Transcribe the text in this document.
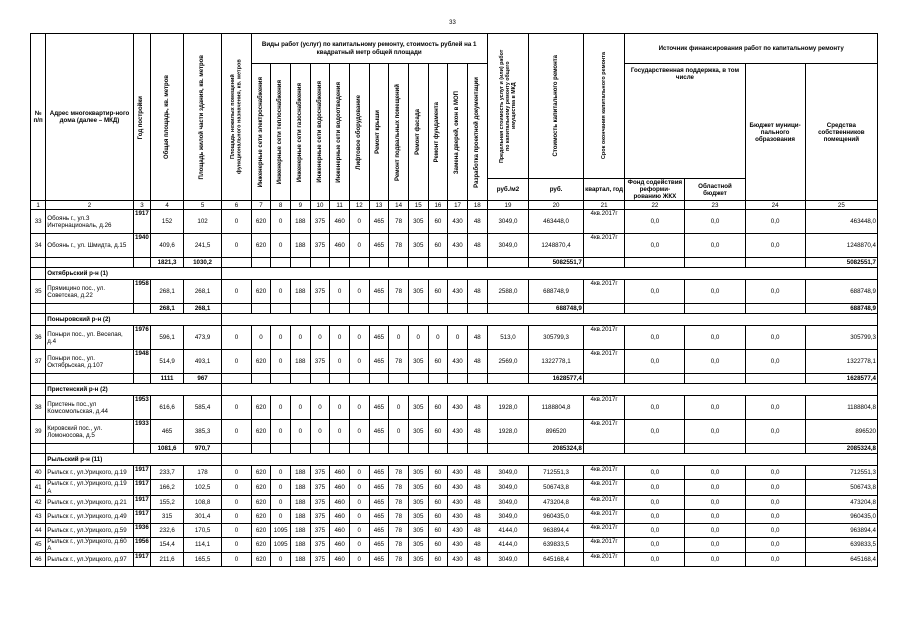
33
№ п/п	Адрес многоквартир-ного дома (далее – МКД)	Год постройки	Общая площадь, кв. метров	Площадь жилой части здания, кв. метров	Площадь нежилых помещений функционального назначения, кв. метров	Виды работ (услуг) по капитальному ремонту, стоимость рублей на 1 квадратный метр общей площади												Предельная стоимость услуг и (или) работ по капитальному ремонту общего имущества в МКД	Стоимость капитального ремонта	Срок окончания капитального ремонта	Источник финансирования работ по капитальному ремонту			

						Инженерные сети электроснабжения	Инженерные сети теплоснабжения	Инженерные сети газоснабжения	Инженерные сети водоснабжения	Инженерные сети водоотведения	Лифтовое оборудование	Ремонт крыши	Ремонт подвальных помещений	Ремонт фасада	Ремонт фундамента	Замена дверей, окон в МОП	Разработка проектной документации				Государственная поддержка, в том числе		Бюджет муници-пального образования	Средства собственников помещений
																		руб./м2	руб.	квартал, год	Фонд содействия реформи-рованию ЖКХ	Областной бюджет		
1	2	3	4	5	6	7	8	9	10	11	12	13	14	15	16	17	18	19	20	21	22	23	24	25
33	Обоянь г., ул.З Интернациональ, д.26	1917	152	102	0	620	0	188	375	460	0	465	78	305	60	430	48	3049,0	463448,0	4кв.2017г	0,0	0,0	0,0	463448,0
34	Обоянь г., ул. Шмидта, д.15	1940	409,6	241,5	0	620	0	188	375	460	0	465	78	305	60	430	48	3049,0	1248870,4	4кв.2017г	0,0	0,0	0,0	1248870,4
			1821,3	1030,2															5082551,7					5082551,7
	Октябрьский р-н (1)																							
35	Прямицино пос., ул. Советская, д.22	1958	268,1	268,1	0	620	0	188	375	0	0	465	78	305	60	430	48	2588,0	688748,9	4кв.2017г	0,0	0,0	0,0	688748,9
			268,1	268,1															688748,9					688748,9
	Поныровский р-н (2)																							
36	Поныри пос., ул. Веселая, д.4	1976	596,1	473,9	0	0	0	0	0	0	0	465	0	0	0	0	48	513,0	305799,3	4кв.2017г	0,0	0,0	0,0	305799,3
37	Поныри пос., ул. Октябрьская, д.107	1948	514,9	493,1	0	620	0	188	375	0	0	465	78	305	60	430	48	2569,0	1322778,1	4кв.2017г	0,0	0,0	0,0	1322778,1
			1111	967															1628577,4					1628577,4
	Пристенский р-н (2)																							
38	Пристень пос.,ул Комсомольская, д.44	1953	616,6	585,4	0	620	0	0	0	0	0	465	0	305	60	430	48	1928,0	1188804,8	4кв.2017г	0,0	0,0	0,0	1188804,8
39	Кировский пос., ул. Ломоносова, д.5	1933	465	385,3	0	620	0	0	0	0	0	465	0	305	60	430	48	1928,0	896520	4кв.2017г	0,0	0,0	0,0	896520
			1081,6	970,7															2085324,8					2085324,8
	Рыльский р-н (11)																							
40	Рыльск г., ул.Урицкого, д.19	1917	233,7	178	0	620	0	188	375	460	0	465	78	305	60	430	48	3049,0	712551,3	4кв.2017г	0,0	0,0	0,0	712551,3
41	Рыльск г., ул.Урицкого, д.19 А	1917	166,2	102,5	0	620	0	188	375	460	0	465	78	305	60	430	48	3049,0	506743,8	4кв.2017г	0,0	0,0	0,0	506743,8
42	Рыльск г., ул.Урицкого, д.21	1917	155,2	108,8	0	620	0	188	375	460	0	465	78	305	60	430	48	3049,0	473204,8	4кв.2017г	0,0	0,0	0,0	473204,8
43	Рыльск г., ул.Урицкого, д.49	1917	315	301,4	0	620	0	188	375	460	0	465	78	305	60	430	48	3049,0	960435,0	4кв.2017г	0,0	0,0	0,0	960435,0
44	Рыльск г., ул.Урицкого, д.59	1936	232,6	170,5	0	620	1095	188	375	460	0	465	78	305	60	430	48	4144,0	963894,4	4кв.2017г	0,0	0,0	0,0	963894,4
45	Рыльск г., ул.Урицкого, д.60 А	1956	154,4	114,1	0	620	1095	188	375	460	0	465	78	305	60	430	48	4144,0	639833,5	4кв.2017г	0,0	0,0	0,0	639833,5
46	Рыльск г., ул.Урицкого, д.97	1917	211,6	165,5	0	620	0	188	375	460	0	465	78	305	60	430	48	3049,0	645168,4	4кв.2017г	0,0	0,0	0,0	645168,4
